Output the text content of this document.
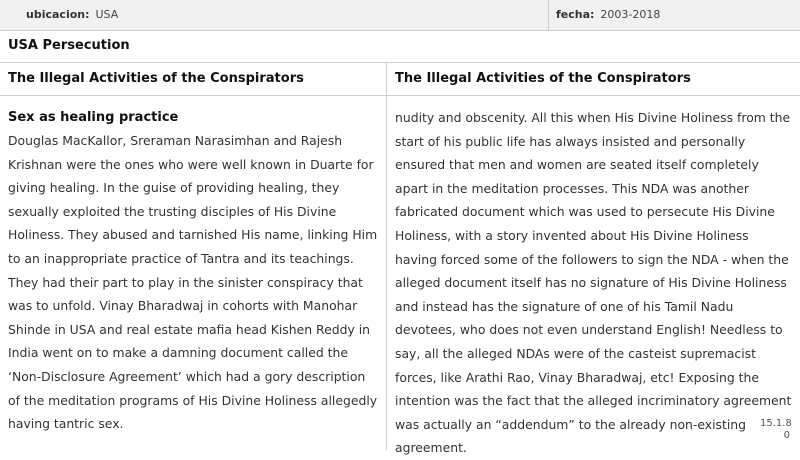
ubicacion: USA	fecha: 2003-2018
USA Persecution
The Illegal Activities of the Conspirators	The Illegal Activities of the Conspirators

Sex as healing practice

Douglas MacKallor, Sreraman Narasimhan and Rajesh Krishnan were the ones who were well known in Duarte for giving healing. In the guise of providing healing, they sexually exploited the trusting disciples of His Divine Holiness. They abused and tarnished His name, linking Him to an inappropriate practice of Tantra and its teachings. They had their part to play in the sinister conspiracy that was to unfold. Vinay Bharadwaj in cohorts with Manohar Shinde in USA and real estate mafia head Kishen Reddy in India went on to make a damning document called the ‘Non-Disclosure Agreement’ which had a gory description of the meditation programs of His Divine Holiness allegedly having tantric sex.

nudity and obscenity. All this when His Divine Holiness from the start of his public life has always insisted and personally ensured that men and women are seated itself completely apart in the meditation processes. This NDA was another fabricated document which was used to persecute His Divine Holiness, with a story invented about His Divine Holiness having forced some of the followers to sign the NDA - when the alleged document itself has no signature of His Divine Holiness and instead has the signature of one of his Tamil Nadu devotees, who does not even understand English! Needless to say, all the alleged NDAs were of the casteist supremacist forces, like Arathi Rao, Vinay Bharadwaj, etc! Exposing the intention was the fact that the alleged incriminatory agreement was actually an “addendum” to the already non-existing agreement.

15.1.8 0
